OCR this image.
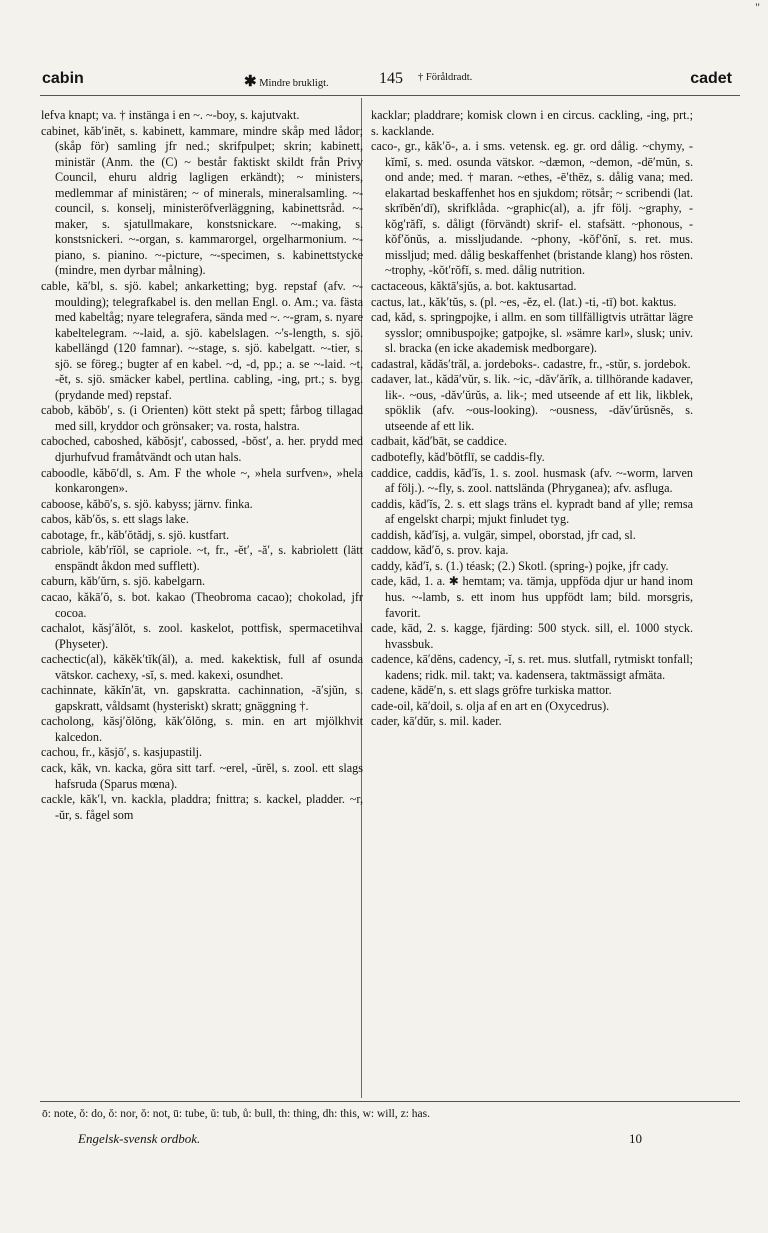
"
cabin	✱ Mindre brukligt.	145 † Föråldradt.	cadet

lefva knapt; va. † instänga i en ~. ~-boy, s. kajutvakt.

cabinet, kăb′inĕt, s. kabinett, kammare, mindre skåp med lådor; (skåp för) samling jfr ned.; skrifpulpet; skrin; kabinett, ministär (Anm. the (C) ~ består faktiskt skildt från Privy Council, ehuru aldrig lagligen erkändt); ~ ministers, medlemmar af ministären; ~ of minerals, mineralsamling. ~-council, s. konselj, ministeröfverläggning, kabinettsråd. ~-maker, s. sjatullmakare, konstsnickare. ~-making, s. konstsnickeri. ~-organ, s. kammarorgel, orgelharmonium. ~-piano, s. pianino. ~-picture, ~-specimen, s. kabinettstycke (mindre, men dyrbar målning).

cable, kā′bl, s. sjö. kabel; ankarketting; byg. repstaf (afv. ~-moulding); telegrafkabel is. den mellan Engl. o. Am.; va. fästa med kabeltåg; nyare telegrafera, sända med ~. ~-gram, s. nyare kabeltelegram. ~-laid, a. sjö. kabelslagen. ~'s-length, s. sjö. kabellängd (120 famnar). ~-stage, s. sjö. kabelgatt. ~-tier, s. sjö. se föreg.; bugter af en kabel. ~d, -d, pp.; a. se ~-laid. ~t, -ĕt, s. sjö. smäcker kabel, pertlina. cabling, -ing, prt.; s. byg. (prydande med) repstaf.

cabob, kăbŏb′, s. (i Orienten) kött stekt på spett; fårbog tillagad med sill, kryddor och grönsaker; va. rosta, halstra.

caboched, caboshed, kăbŏsjt′, cabossed, -bŏst′, a. her. prydd med djurhufvud framåtvändt och utan hals.

caboodle, kăbō′dl, s. Am. F the whole ~, »hela surfven», »hela konkarongen».

caboose, kăbō′s, s. sjö. kabyss; järnv. finka.

cabos, kăb′ŏs, s. ett slags lake.

cabotage, fr., kăb′ŏtădj, s. sjö. kustfart.

cabriole, kăb′rĭŏl, se capriole. ~t, fr., -ĕt′, -ă′, s. kabriolett (lätt enspändt åkdon med sufflett).

caburn, kăb′ŭrn, s. sjö. kabelgarn.

cacao, kăkā′ŏ, s. bot. kakao (Theobroma cacao); chokolad, jfr cocoa.

cachalot, kăsj′ălŏt, s. zool. kaskelot, pottfisk, spermacetihval (Physeter).

cachectic(al), kăkĕk′tĭk(ăl), a. med. kakektisk, full af osunda vätskor. cachexy, -sĭ, s. med. kakexi, osundhet.

cachinnate, kăkĭn′āt, vn. gapskratta. cachinnation, -ā′sjŭn, s. gapskratt, våldsamt (hysteriskt) skratt; gnäggning †.

cacholong, kăsj′ŏlŏng, kăk′ŏlŏng, s. min. en art mjölkhvit kalcedon.

cachou, fr., kăsjō′, s. kasjupastilj.

cack, kăk, vn. kacka, göra sitt tarf. ~erel, -ŭrĕl, s. zool. ett slags hafsruda (Sparus mœna).

cackle, kăk′l, vn. kackla, pladdra; fnittra; s. kackel, pladder. ~r, -ŭr, s. fågel som

kacklar; pladdrare; komisk clown i en circus. cackling, -ing, prt.; s. kacklande.

caco-, gr., kăk′ŏ-, a. i sms. vetensk. eg. gr. ord dålig. ~chymy, -kĭmĭ, s. med. osunda vätskor. ~dæmon, ~demon, -dē′mŭn, s. ond ande; med. † maran. ~ethes, -ē′thēz, s. dålig vana; med. elakartad beskaffenhet hos en sjukdom; rötsår; ~ scribendi (lat. skrībĕn′dī), skrifklåda. ~graphic(al), a. jfr följ. ~graphy, -kŏg′răfĭ, s. dåligt (förvändt) skrif- el. stafsätt. ~phonous, -kŏf′ŏnŭs, a. missljudande. ~phony, -kŏf′ŏnĭ, s. ret. mus. missljud; med. dålig beskaffenhet (bristande klang) hos rösten. ~trophy, -kŏt′rŏfĭ, s. med. dålig nutrition.

cactaceous, kăktā′sjŭs, a. bot. kaktusartad.

cactus, lat., kăk′tŭs, s. (pl. ~es, -ĕz, el. (lat.) -ti, -tī) bot. kaktus.

cad, kăd, s. springpojke, i allm. en som tillfälligtvis uträttar lägre sysslor; omnibuspojke; gatpojke, sl. »sämre karl», slusk; univ. sl. bracka (en icke akademisk medborgare).

cadastral, kădăs′trăl, a. jordeboks-. cadastre, fr., -stŭr, s. jordebok.

cadaver, lat., kădā′vŭr, s. lik. ~ic, -dăv′ărĭk, a. tillhörande kadaver, lik-. ~ous, -dăv′ŭrŭs, a. lik-; med utseende af ett lik, likblek, spöklik (afv. ~ous-looking). ~ousness, -dăv′ŭrŭsnĕs, s. utseende af ett lik.

cadbait, kăd′bāt, se caddice.

cadbotefly, kăd′bŏtflī, se caddis-fly.

caddice, caddis, kăd′ĭs, 1. s. zool. husmask (afv. ~-worm, larven af följ.). ~-fly, s. zool. nattslända (Phryganea); afv. asfluga.

caddis, kăd′ĭs, 2. s. ett slags träns el. kypradt band af ylle; remsa af engelskt charpi; mjukt finludet tyg.

caddish, kăd′ĭsj, a. vulgär, simpel, oborstad, jfr cad, sl.

caddow, kăd′ŏ, s. prov. kaja.

caddy, kăd′ĭ, s. (1.) téask; (2.) Skotl. (spring-) pojke, jfr cady.

cade, kād, 1. a. ✱ hemtam; va. tämja, uppföda djur ur hand inom hus. ~-lamb, s. ett inom hus uppfödt lam; bild. morsgris, favorit.

cade, kād, 2. s. kagge, fjärding: 500 styck. sill, el. 1000 styck. hvassbuk.

cadence, kā′dĕns, cadency, -ĭ, s. ret. mus. slutfall, rytmiskt tonfall; kadens; ridk. mil. takt; va. kadensera, taktmässigt afmäta.

cadene, kădē′n, s. ett slags gröfre turkiska mattor.

cade-oil, kā′doil, s. olja af en art en (Oxycedrus).

cader, kā′dŭr, s. mil. kader.

ō: note, ŏ: do, ŏ: nor, ŏ: not, ū: tube, ŭ: tub, ů: bull, th: thing, dh: this, w: will, z: has.
Engelsk-svensk ordbok.	10
